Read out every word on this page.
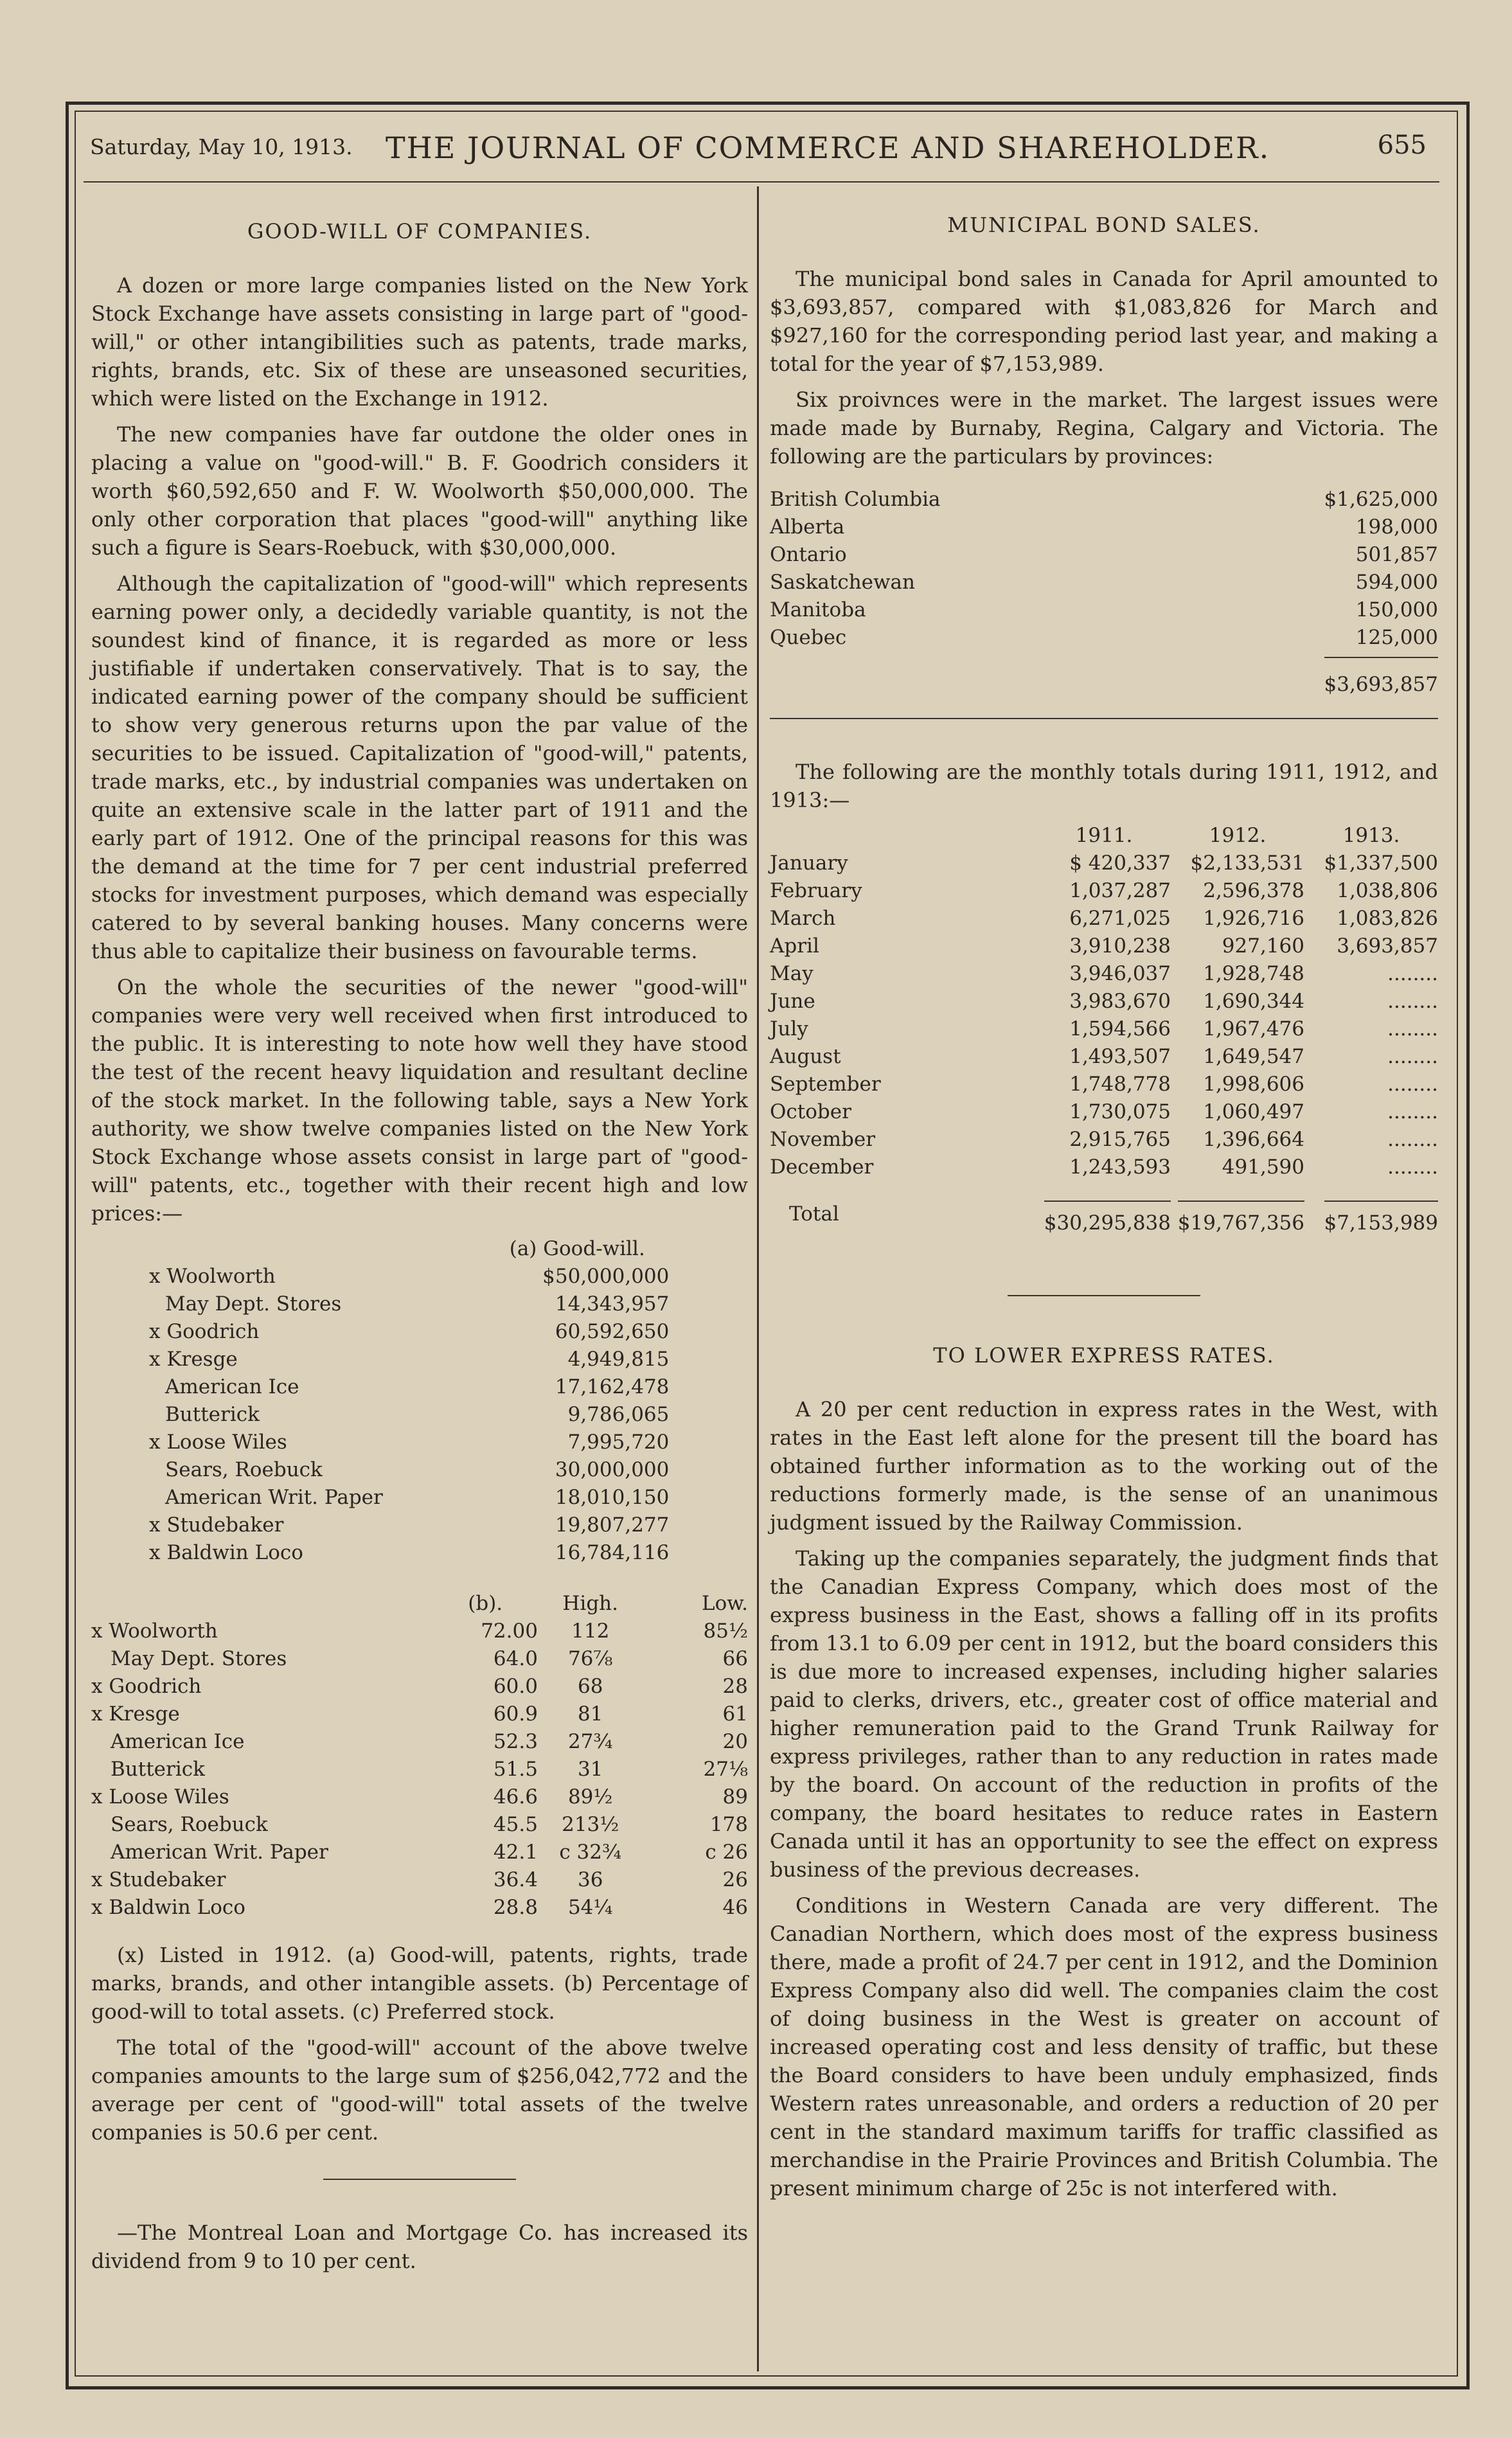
Saturday, May 10, 1913. THE JOURNAL OF COMMERCE AND SHAREHOLDER.	655
GOOD-WILL OF COMPANIES.

A dozen or more large companies listed on the New York Stock Exchange have assets consisting in large part of "good-will," or other intangibilities such as patents, trade marks, rights, brands, etc. Six of these are unseasoned securities, which were listed on the Exchange in 1912.

The new companies have far outdone the older ones in placing a value on "good-will." B. F. Goodrich considers it worth $60,592,650 and F. W. Woolworth $50,000,000. The only other corporation that places "good-will" anything like such a figure is Sears-Roebuck, with $30,000,000.

Although the capitalization of "good-will" which represents earning power only, a decidedly variable quantity, is not the soundest kind of finance, it is regarded as more or less justifiable if undertaken conservatively. That is to say, the indicated earning power of the company should be sufficient to show very generous returns upon the par value of the securities to be issued. Capitalization of "good-will," patents, trade marks, etc., by industrial companies was undertaken on quite an extensive scale in the latter part of 1911 and the early part of 1912. One of the principal reasons for this was the demand at the time for 7 per cent industrial preferred stocks for investment purposes, which demand was especially catered to by several banking houses. Many concerns were thus able to capitalize their business on favourable terms.

On the whole the securities of the newer "good-will" companies were very well received when first introduced to the public. It is interesting to note how well they have stood the test of the recent heavy liquidation and resultant decline of the stock market. In the following table, says a New York authority, we show twelve companies listed on the New York Stock Exchange whose assets consist in large part of "good-will" patents, etc., together with their recent high and low prices:—

	(a) Good-will.	
x Woolworth	$50,000,000	
May Dept. Stores	14,343,957	
x Goodrich	60,592,650	
x Kresge	4,949,815	
American Ice	17,162,478	
Butterick	9,786,065	
x Loose Wiles	7,995,720	
Sears, Roebuck	30,000,000	
American Writ. Paper	18,010,150	
x Studebaker	19,807,277	
x Baldwin Loco	16,784,116	
	(b).	High.	Low.
x Woolworth	72.00	112	85½
May Dept. Stores	64.0	76⅞	66
x Goodrich	60.0	68	28
x Kresge	60.9	81	61
American Ice	52.3	27¾	20
Butterick	51.5	31	27⅛
x Loose Wiles	46.6	89½	89
Sears, Roebuck	45.5	213½	178
American Writ. Paper	42.1	c 32¾	c 26
x Studebaker	36.4	36	26
x Baldwin Loco	28.8	54¼	46

(x) Listed in 1912. (a) Good-will, patents, rights, trade marks, brands, and other intangible assets. (b) Percentage of good-will to total assets. (c) Preferred stock.

The total of the "good-will" account of the above twelve companies amounts to the large sum of $256,042,772 and the average per cent of "good-will" total assets of the twelve companies is 50.6 per cent.

—The Montreal Loan and Mortgage Co. has increased its dividend from 9 to 10 per cent.

MUNICIPAL BOND SALES.

The municipal bond sales in Canada for April amounted to $3,693,857, compared with $1,083,826 for March and $927,160 for the corresponding period last year, and making a total for the year of $7,153,989.

Six proivnces were in the market. The largest issues were made made by Burnaby, Regina, Calgary and Victoria. The following are the particulars by provinces:

British Columbia	$1,625,000
Alberta	198,000
Ontario	501,857
Saskatchewan	594,000
Manitoba	150,000
Quebec	125,000
	$3,693,857

The following are the monthly totals during 1911, 1912, and 1913:—

	1911.	1912.	1913.
January	$ 420,337	$2,133,531	$1,337,500
February	1,037,287	2,596,378	1,038,806
March	6,271,025	1,926,716	1,083,826
April	3,910,238	927,160	3,693,857
May	3,946,037	1,928,748	........
June	3,983,670	1,690,344	........
July	1,594,566	1,967,476	........
August	1,493,507	1,649,547	........
September	1,748,778	1,998,606	........
October	1,730,075	1,060,497	........
November	2,915,765	1,396,664	........
December	1,243,593	491,590	........
Total	$30,295,838	$19,767,356	$7,153,989
TO LOWER EXPRESS RATES.

A 20 per cent reduction in express rates in the West, with rates in the East left alone for the present till the board has obtained further information as to the working out of the reductions formerly made, is the sense of an unanimous judgment issued by the Railway Commission.

Taking up the companies separately, the judgment finds that the Canadian Express Company, which does most of the express business in the East, shows a falling off in its profits from 13.1 to 6.09 per cent in 1912, but the board considers this is due more to increased expenses, including higher salaries paid to clerks, drivers, etc., greater cost of office material and higher remuneration paid to the Grand Trunk Railway for express privileges, rather than to any reduction in rates made by the board. On account of the reduction in profits of the company, the board hesitates to reduce rates in Eastern Canada until it has an opportunity to see the effect on express business of the previous decreases.

Conditions in Western Canada are very different. The Canadian Northern, which does most of the express business there, made a profit of 24.7 per cent in 1912, and the Dominion Express Company also did well. The companies claim the cost of doing business in the West is greater on account of increased operating cost and less density of traffic, but these the Board considers to have been unduly emphasized, finds Western rates unreasonable, and orders a reduction of 20 per cent in the standard maximum tariffs for traffic classified as merchandise in the Prairie Provinces and British Columbia. The present minimum charge of 25c is not interfered with.
